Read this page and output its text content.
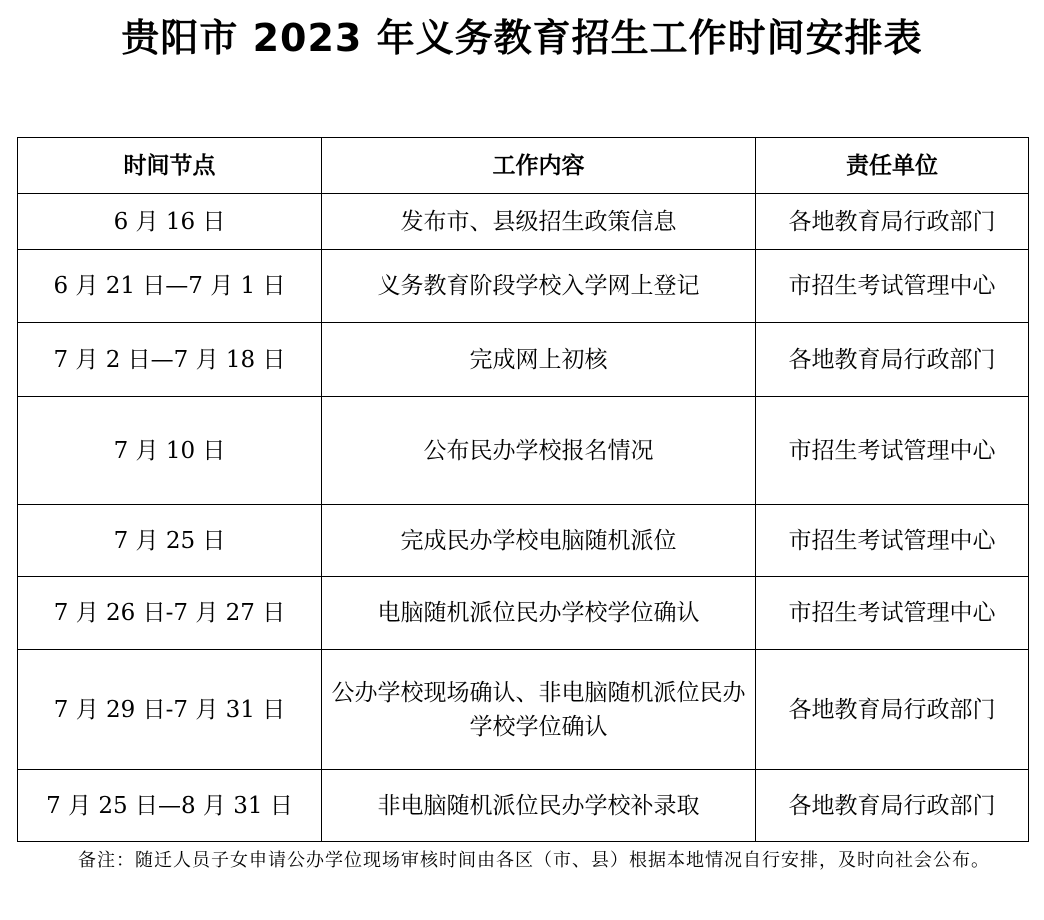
贵阳市 2023 年义务教育招生工作时间安排表
时间节点	工作内容	责任单位
6 月 16 日	发布市、县级招生政策信息	各地教育局行政部门
6 月 21 日—7 月 1 日	义务教育阶段学校入学网上登记	市招生考试管理中心
7 月 2 日—7 月 18 日	完成网上初核	各地教育局行政部门
7 月 10 日	公布民办学校报名情况	市招生考试管理中心
7 月 25 日	完成民办学校电脑随机派位	市招生考试管理中心
7 月 26 日-7 月 27 日	电脑随机派位民办学校学位确认	市招生考试管理中心
7 月 29 日-7 月 31 日	公办学校现场确认、非电脑随机派位民办学校学位确认	各地教育局行政部门
7 月 25 日—8 月 31 日	非电脑随机派位民办学校补录取	各地教育局行政部门
备注：随迁人员子女申请公办学位现场审核时间由各区（市、县）根据本地情况自行安排，及时向社会公布。
